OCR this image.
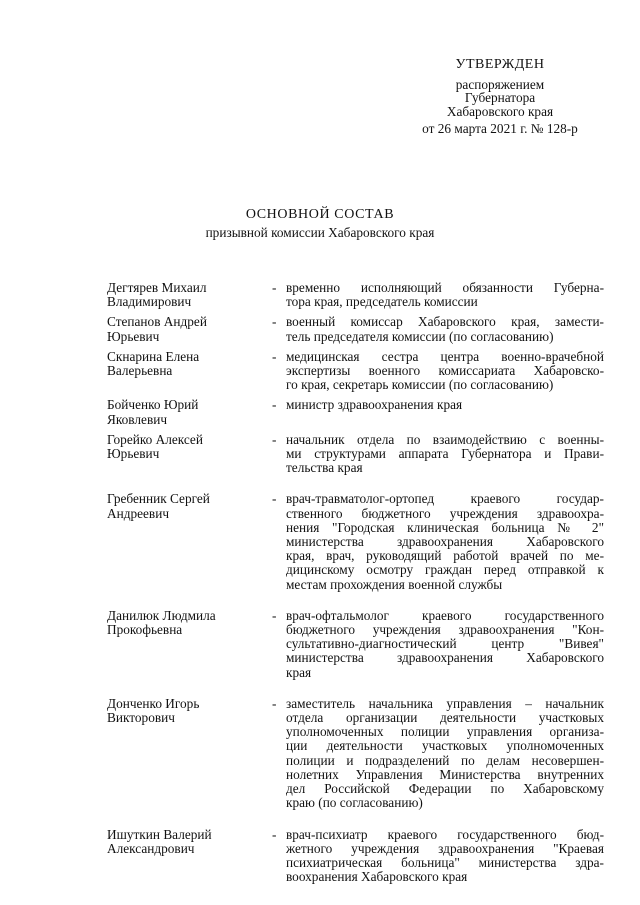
УТВЕРЖДЕН
распоряжением
Губернатора
Хабаровского края
от 26 марта 2021 г. № 128-р
ОСНОВНОЙ СОСТАВ
призывной комиссии Хабаровского края
Дегтярев Михаил
Владимирович
- временно исполняющий обязанности Губерна-
тора края, председатель комиссии
Степанов Андрей
Юрьевич
- военный комиссар Хабаровского края, замести-
тель председателя комиссии (по согласованию)
Скнарина Елена
Валерьевна
- медицинская сестра центра военно-врачебной
экспертизы военного комиссариата Хабаровско-
го края, секретарь комиссии (по согласованию)
Бойченко Юрий
Яковлевич
- министр здравоохранения края
Горейко Алексей
Юрьевич
- начальник отдела по взаимодействию с военны-
ми структурами аппарата Губернатора и Прави-
тельства края
Гребенник Сергей
Андреевич
- врач-травматолог-ортопед краевого государ-
ственного бюджетного учреждения здравоохра-
нения "Городская клиническая больница № 2"
министерства здравоохранения Хабаровского
края, врач, руководящий работой врачей по ме-
дицинскому осмотру граждан перед отправкой к
местам прохождения военной службы
Данилюк Людмила
Прокофьевна
- врач-офтальмолог краевого государственного
бюджетного учреждения здравоохранения "Кон-
сультативно-диагностический центр "Вивея"
министерства здравоохранения Хабаровского
края
Донченко Игорь
Викторович
- заместитель начальника управления – начальник
отдела организации деятельности участковых
уполномоченных полиции управления организа-
ции деятельности участковых уполномоченных
полиции и подразделений по делам несовершен-
нолетних Управления Министерства внутренних
дел Российской Федерации по Хабаровскому
краю (по согласованию)
Ишуткин Валерий
Александрович
- врач-психиатр краевого государственного бюд-
жетного учреждения здравоохранения "Краевая
психиатрическая больница" министерства здра-
воохранения Хабаровского края
